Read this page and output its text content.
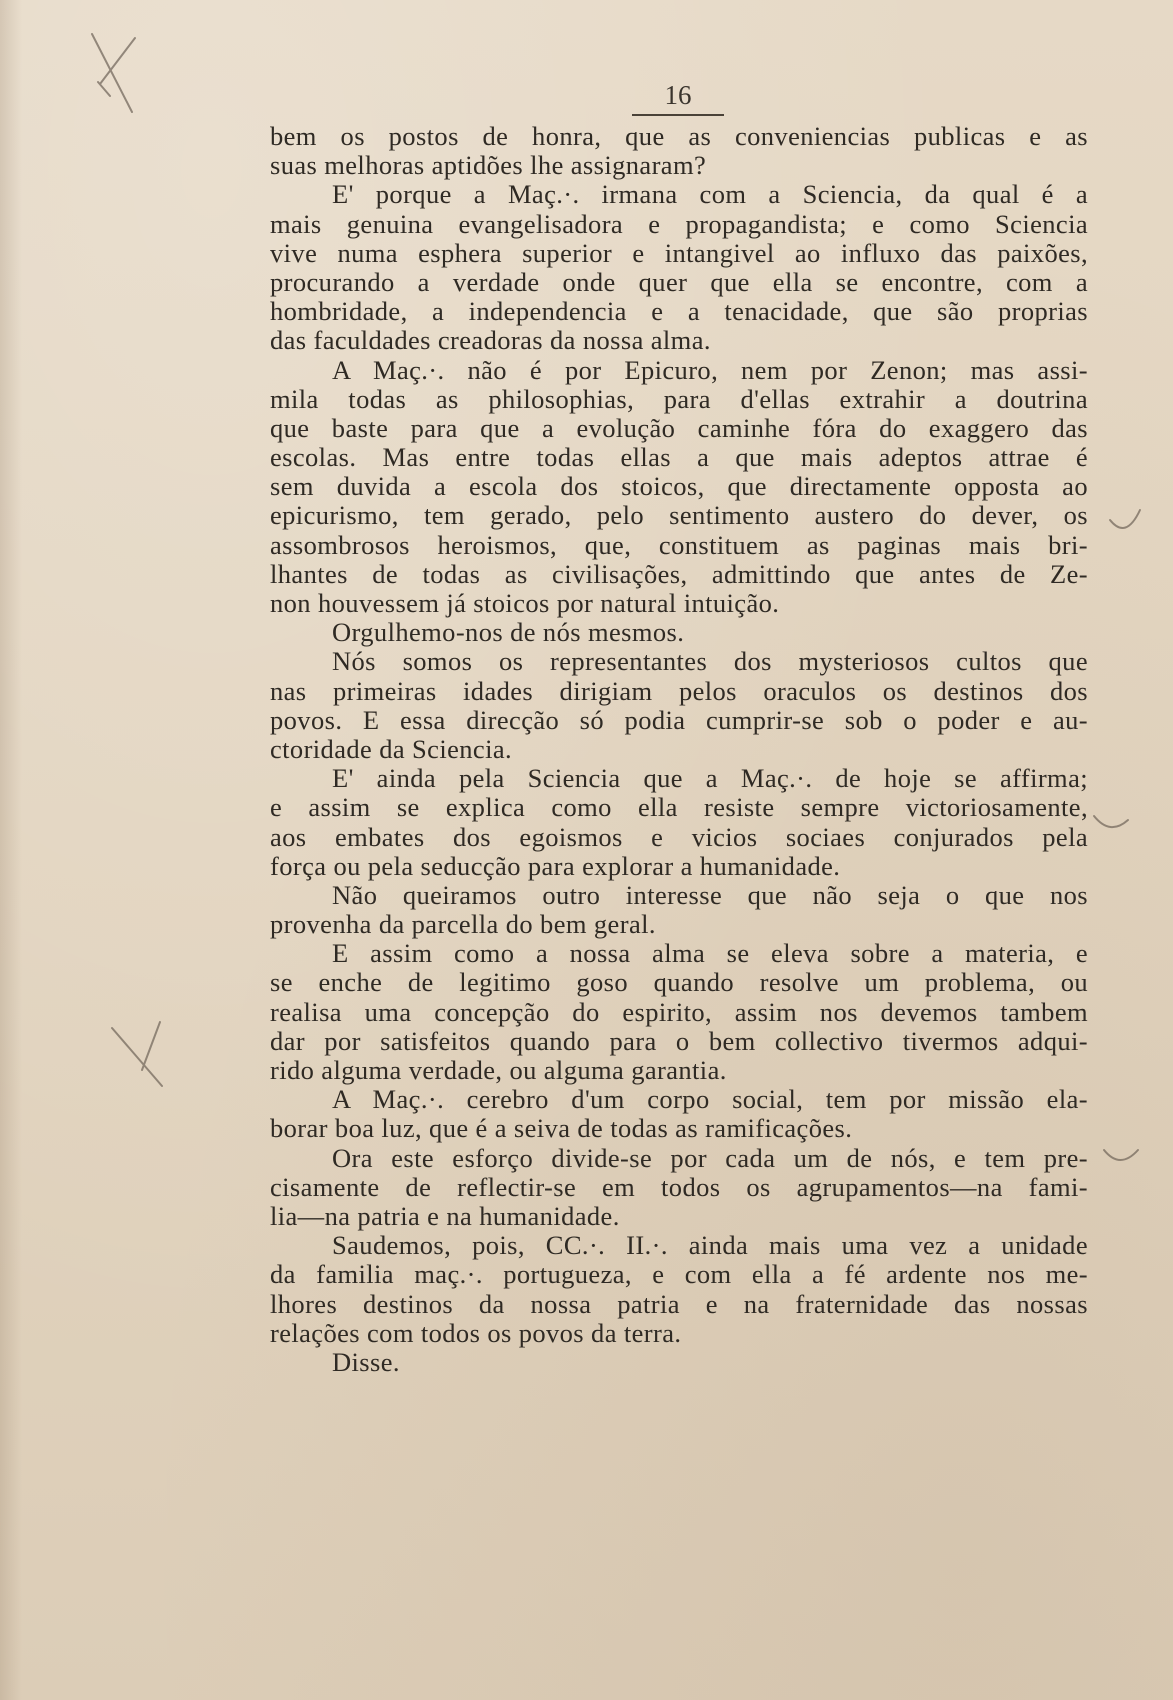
16
bem os postos de honra, que as conveniencias publicas e as
suas melhoras aptidões lhe assignaram?
E' porque a Maç.·. irmana com a Sciencia, da qual é a
mais genuina evangelisadora e propagandista; e como Sciencia
vive numa esphera superior e intangivel ao influxo das paixões,
procurando a verdade onde quer que ella se encontre, com a
hombridade, a independencia e a tenacidade, que são proprias
das faculdades creadoras da nossa alma.
A Maç.·. não é por Epicuro, nem por Zenon; mas assi-
mila todas as philosophias, para d'ellas extrahir a doutrina
que baste para que a evolução caminhe fóra do exaggero das
escolas. Mas entre todas ellas a que mais adeptos attrae é
sem duvida a escola dos stoicos, que directamente opposta ao
epicurismo, tem gerado, pelo sentimento austero do dever, os
assombrosos heroismos, que, constituem as paginas mais bri-
lhantes de todas as civilisações, admittindo que antes de Ze-
non houvessem já stoicos por natural intuição.
Orgulhemo-nos de nós mesmos.
Nós somos os representantes dos mysteriosos cultos que
nas primeiras idades dirigiam pelos oraculos os destinos dos
povos. E essa direcção só podia cumprir-se sob o poder e au-
ctoridade da Sciencia.
E' ainda pela Sciencia que a Maç.·. de hoje se affirma;
e assim se explica como ella resiste sempre victoriosamente,
aos embates dos egoismos e vicios sociaes conjurados pela
força ou pela seducção para explorar a humanidade.
Não queiramos outro interesse que não seja o que nos
provenha da parcella do bem geral.
E assim como a nossa alma se eleva sobre a materia, e
se enche de legitimo goso quando resolve um problema, ou
realisa uma concepção do espirito, assim nos devemos tambem
dar por satisfeitos quando para o bem collectivo tivermos adqui-
rido alguma verdade, ou alguma garantia.
A Maç.·. cerebro d'um corpo social, tem por missão ela-
borar boa luz, que é a seiva de todas as ramificações.
Ora este esforço divide-se por cada um de nós, e tem pre-
cisamente de reflectir-se em todos os agrupamentos—na fami-
lia—na patria e na humanidade.
Saudemos, pois, CC.·. II.·. ainda mais uma vez a unidade
da familia maç.·. portugueza, e com ella a fé ardente nos me-
lhores destinos da nossa patria e na fraternidade das nossas
relações com todos os povos da terra.
Disse.
